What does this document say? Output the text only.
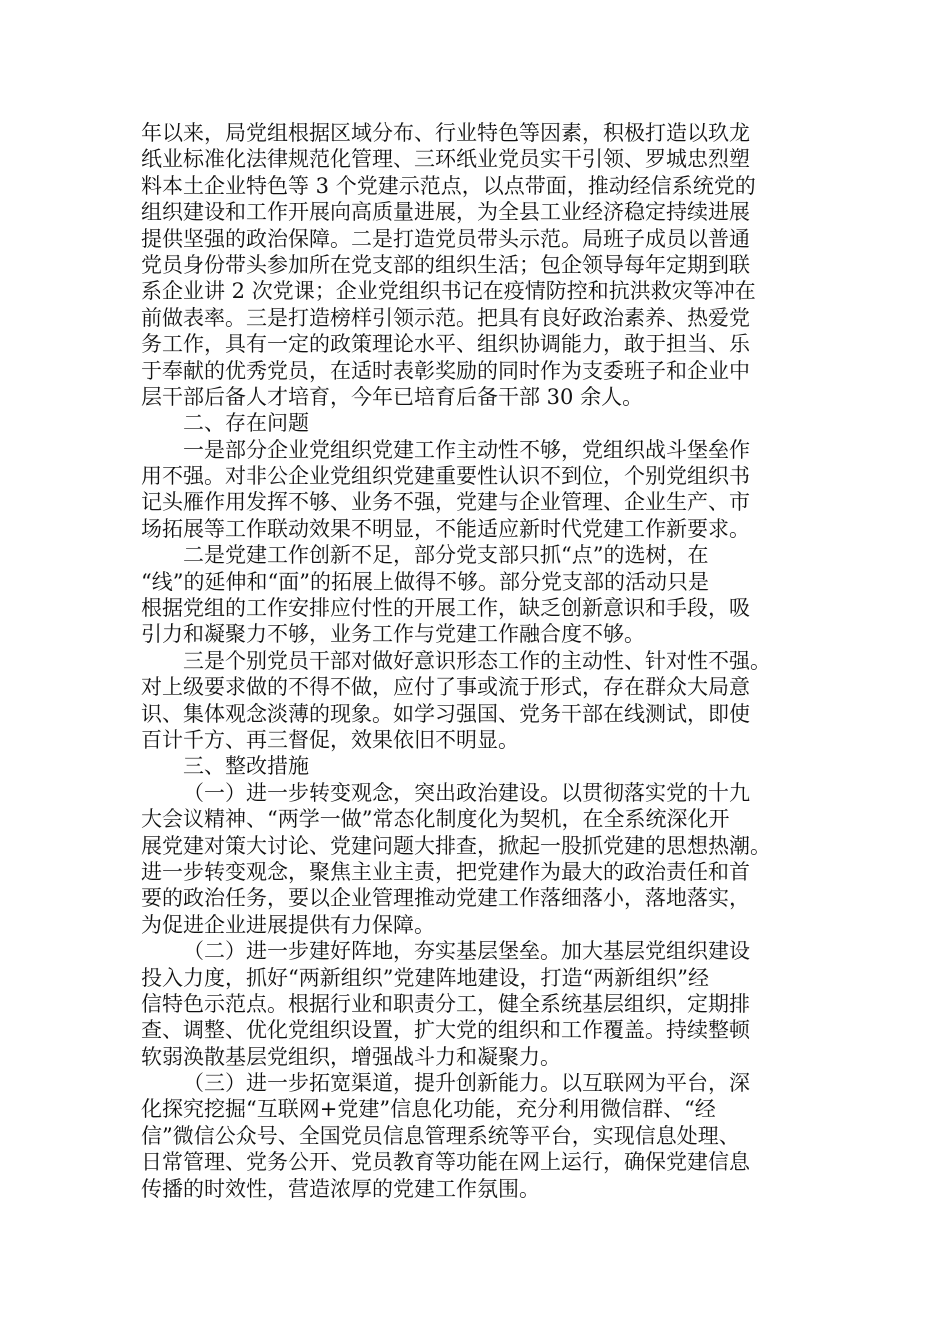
年以来，局党组根据区域分布、行业特色等因素，积极打造以玖龙
纸业标准化法律规范化管理、三环纸业党员实干引领、罗城忠烈塑
料本土企业特色等 3 个党建示范点，以点带面，推动经信系统党的
组织建设和工作开展向高质量进展，为全县工业经济稳定持续进展
提供坚强的政治保障。二是打造党员带头示范。局班子成员以普通
党员身份带头参加所在党支部的组织生活；包企领导每年定期到联
系企业讲 2 次党课；企业党组织书记在疫情防控和抗洪救灾等冲在
前做表率。三是打造榜样引领示范。把具有良好政治素养、热爱党
务工作，具有一定的政策理论水平、组织协调能力，敢于担当、乐
于奉献的优秀党员，在适时表彰奖励的同时作为支委班子和企业中
层干部后备人才培育，今年已培育后备干部 30 余人。
二、存在问题
一是部分企业党组织党建工作主动性不够，党组织战斗堡垒作
用不强。对非公企业党组织党建重要性认识不到位，个别党组织书
记头雁作用发挥不够、业务不强，党建与企业管理、企业生产、市
场拓展等工作联动效果不明显，不能适应新时代党建工作新要求。
二是党建工作创新不足，部分党支部只抓“点”的选树，在
“线”的延伸和“面”的拓展上做得不够。部分党支部的活动只是
根据党组的工作安排应付性的开展工作，缺乏创新意识和手段，吸
引力和凝聚力不够，业务工作与党建工作融合度不够。
三是个别党员干部对做好意识形态工作的主动性、针对性不强。
对上级要求做的不得不做，应付了事或流于形式，存在群众大局意
识、集体观念淡薄的现象。如学习强国、党务干部在线测试，即使
百计千方、再三督促，效果依旧不明显。
三、整改措施
（一）进一步转变观念，突出政治建设。以贯彻落实党的十九
大会议精神、“两学一做”常态化制度化为契机，在全系统深化开
展党建对策大讨论、党建问题大排查，掀起一股抓党建的思想热潮。
进一步转变观念，聚焦主业主责，把党建作为最大的政治责任和首
要的政治任务，要以企业管理推动党建工作落细落小，落地落实，
为促进企业进展提供有力保障。
（二）进一步建好阵地，夯实基层堡垒。加大基层党组织建设
投入力度，抓好“两新组织”党建阵地建设，打造“两新组织”经
信特色示范点。根据行业和职责分工，健全系统基层组织，定期排
查、调整、优化党组织设置，扩大党的组织和工作覆盖。持续整顿
软弱涣散基层党组织，增强战斗力和凝聚力。
（三）进一步拓宽渠道，提升创新能力。以互联网为平台，深
化探究挖掘“互联网+党建”信息化功能，充分利用微信群、“经
信”微信公众号、全国党员信息管理系统等平台，实现信息处理、
日常管理、党务公开、党员教育等功能在网上运行，确保党建信息
传播的时效性，营造浓厚的党建工作氛围。
